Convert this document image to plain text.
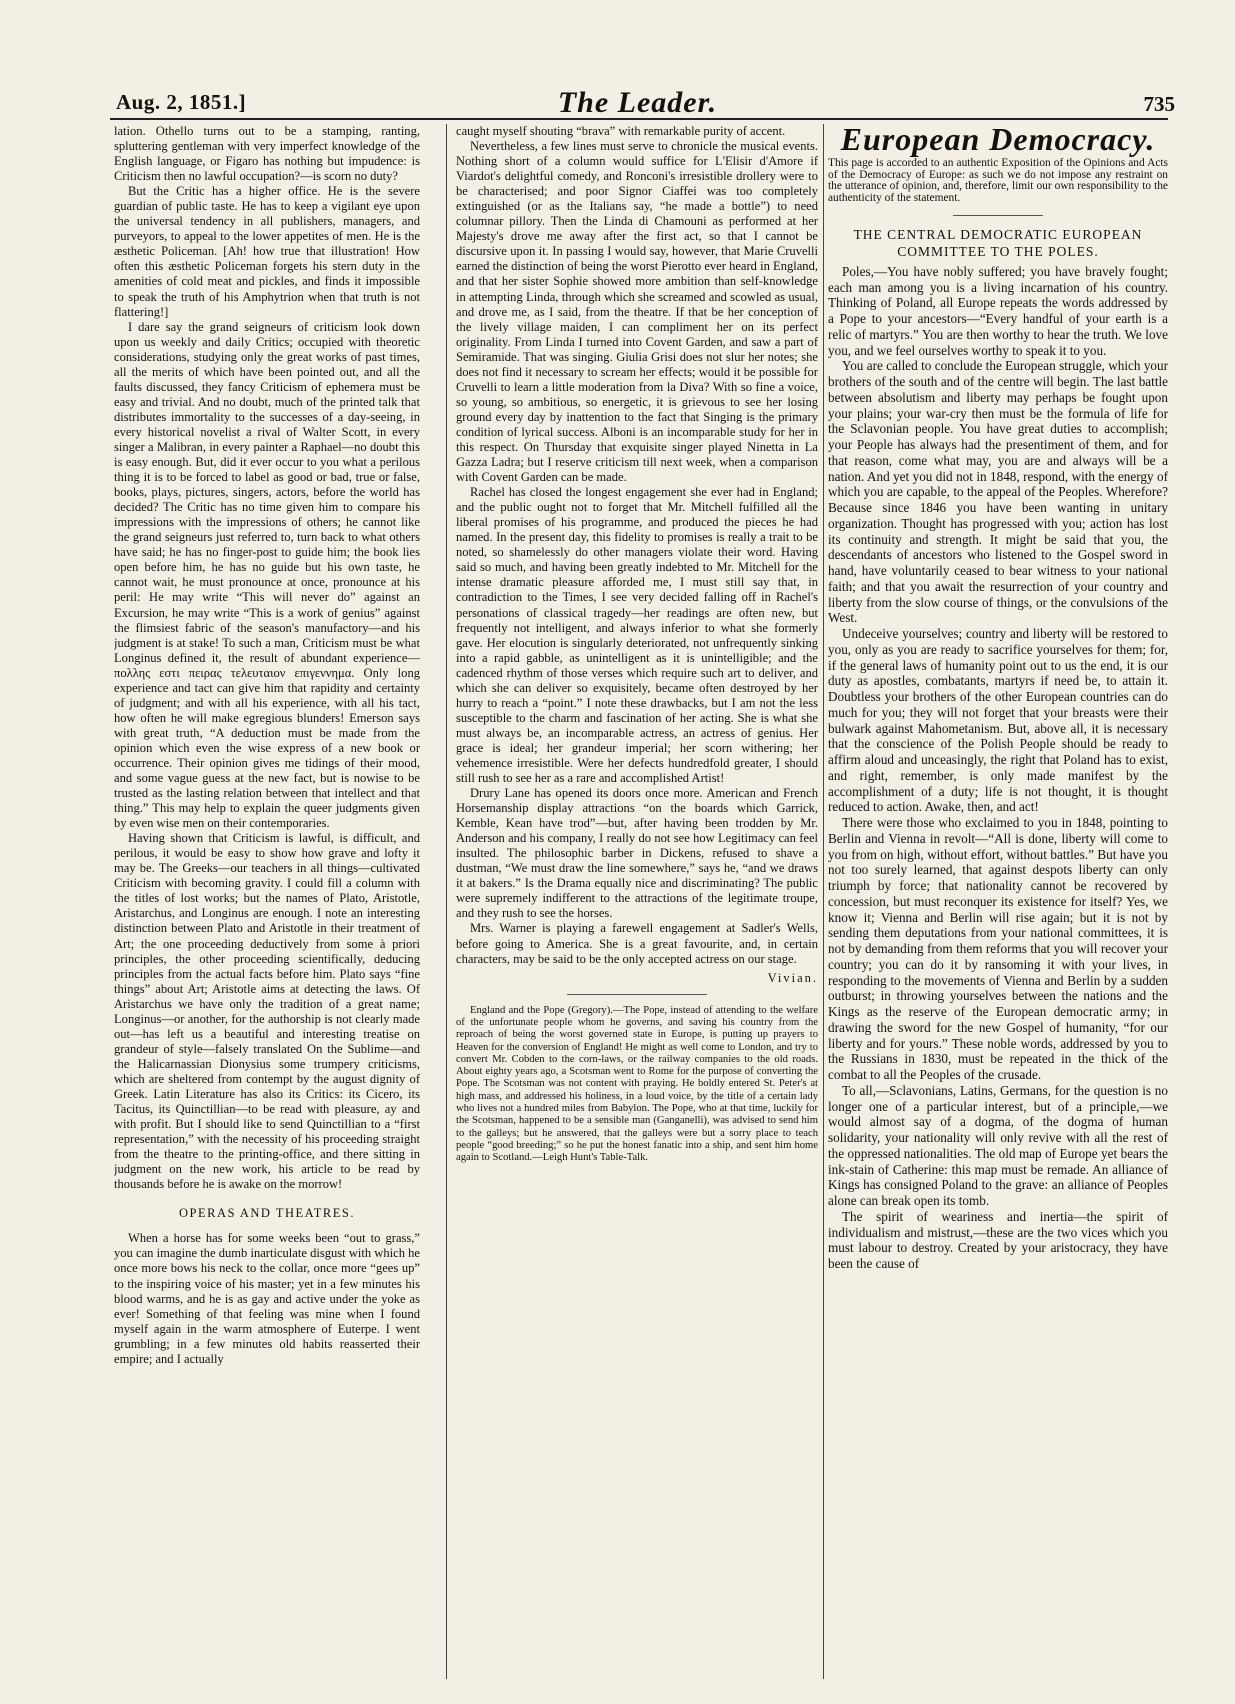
Aug. 2, 1851.]	The Leader.	735

lation. Othello turns out to be a stamping, ranting, spluttering gentleman with very imperfect knowledge of the English language, or Figaro has nothing but impudence: is Criticism then no lawful occupation?—is scorn no duty?

But the Critic has a higher office. He is the severe guardian of public taste. He has to keep a vigilant eye upon the universal tendency in all publishers, managers, and purveyors, to appeal to the lower appetites of men. He is the æsthetic Policeman. [Ah! how true that illustration! How often this æsthetic Policeman forgets his stern duty in the amenities of cold meat and pickles, and finds it impossible to speak the truth of his Amphytrion when that truth is not flattering!]

I dare say the grand seigneurs of criticism look down upon us weekly and daily Critics; occupied with theoretic considerations, studying only the great works of past times, all the merits of which have been pointed out, and all the faults discussed, they fancy Criticism of ephemera must be easy and trivial. And no doubt, much of the printed talk that distributes immortality to the successes of a day-seeing, in every historical novelist a rival of Walter Scott, in every singer a Malibran, in every painter a Raphael—no doubt this is easy enough. But, did it ever occur to you what a perilous thing it is to be forced to label as good or bad, true or false, books, plays, pictures, singers, actors, before the world has decided? The Critic has no time given him to compare his impressions with the impressions of others; he cannot like the grand seigneurs just referred to, turn back to what others have said; he has no finger-post to guide him; the book lies open before him, he has no guide but his own taste, he cannot wait, he must pronounce at once, pronounce at his peril: He may write “This will never do” against an Excursion, he may write “This is a work of genius” against the flimsiest fabric of the season's manufactory—and his judgment is at stake! To such a man, Criticism must be what Longinus defined it, the result of abundant experience—πολλης εστι πειρας τελευταιον επιγεννημα. Only long experience and tact can give him that rapidity and certainty of judgment; and with all his experience, with all his tact, how often he will make egregious blunders! Emerson says with great truth, “A deduction must be made from the opinion which even the wise express of a new book or occurrence. Their opinion gives me tidings of their mood, and some vague guess at the new fact, but is nowise to be trusted as the lasting relation between that intellect and that thing.” This may help to explain the queer judgments given by even wise men on their contemporaries.

Having shown that Criticism is lawful, is difficult, and perilous, it would be easy to show how grave and lofty it may be. The Greeks—our teachers in all things—cultivated Criticism with becoming gravity. I could fill a column with the titles of lost works; but the names of Plato, Aristotle, Aristarchus, and Longinus are enough. I note an interesting distinction between Plato and Aristotle in their treatment of Art; the one proceeding deductively from some à priori principles, the other proceeding scientifically, deducing principles from the actual facts before him. Plato says “fine things” about Art; Aristotle aims at detecting the laws. Of Aristarchus we have only the tradition of a great name; Longinus—or another, for the authorship is not clearly made out—has left us a beautiful and interesting treatise on grandeur of style—falsely translated On the Sublime—and the Halicarnassian Dionysius some trumpery criticisms, which are sheltered from contempt by the august dignity of Greek. Latin Literature has also its Critics: its Cicero, its Tacitus, its Quinctillian—to be read with pleasure, ay and with profit. But I should like to send Quinctillian to a “first representation,” with the necessity of his proceeding straight from the theatre to the printing-office, and there sitting in judgment on the new work, his article to be read by thousands before he is awake on the morrow!

OPERAS AND THEATRES.

When a horse has for some weeks been “out to grass,” you can imagine the dumb inarticulate disgust with which he once more bows his neck to the collar, once more “gees up” to the inspiring voice of his master; yet in a few minutes his blood warms, and he is as gay and active under the yoke as ever! Something of that feeling was mine when I found myself again in the warm atmosphere of Euterpe. I went grumbling; in a few minutes old habits reasserted their empire; and I actually

caught myself shouting “brava” with remarkable purity of accent.

Nevertheless, a few lines must serve to chronicle the musical events. Nothing short of a column would suffice for L'Elisir d'Amore if Viardot's delightful comedy, and Ronconi's irresistible drollery were to be characterised; and poor Signor Ciaffei was too completely extinguished (or as the Italians say, “he made a bottle”) to need columnar pillory. Then the Linda di Chamouni as performed at her Majesty's drove me away after the first act, so that I cannot be discursive upon it. In passing I would say, however, that Marie Cruvelli earned the distinction of being the worst Pierotto ever heard in England, and that her sister Sophie showed more ambition than self-knowledge in attempting Linda, through which she screamed and scowled as usual, and drove me, as I said, from the theatre. If that be her conception of the lively village maiden, I can compliment her on its perfect originality. From Linda I turned into Covent Garden, and saw a part of Semiramide. That was singing. Giulia Grisi does not slur her notes; she does not find it necessary to scream her effects; would it be possible for Cruvelli to learn a little moderation from la Diva? With so fine a voice, so young, so ambitious, so energetic, it is grievous to see her losing ground every day by inattention to the fact that Singing is the primary condition of lyrical success. Alboni is an incomparable study for her in this respect. On Thursday that exquisite singer played Ninetta in La Gazza Ladra; but I reserve criticism till next week, when a comparison with Covent Garden can be made.

Rachel has closed the longest engagement she ever had in England; and the public ought not to forget that Mr. Mitchell fulfilled all the liberal promises of his programme, and produced the pieces he had named. In the present day, this fidelity to promises is really a trait to be noted, so shamelessly do other managers violate their word. Having said so much, and having been greatly indebted to Mr. Mitchell for the intense dramatic pleasure afforded me, I must still say that, in contradiction to the Times, I see very decided falling off in Rachel's personations of classical tragedy—her readings are often new, but frequently not intelligent, and always inferior to what she formerly gave. Her elocution is singularly deteriorated, not unfrequently sinking into a rapid gabble, as unintelligent as it is unintelligible; and the cadenced rhythm of those verses which require such art to deliver, and which she can deliver so exquisitely, became often destroyed by her hurry to reach a “point.” I note these drawbacks, but I am not the less susceptible to the charm and fascination of her acting. She is what she must always be, an incomparable actress, an actress of genius. Her grace is ideal; her grandeur imperial; her scorn withering; her vehemence irresistible. Were her defects hundredfold greater, I should still rush to see her as a rare and accomplished Artist!

Drury Lane has opened its doors once more. American and French Horsemanship display attractions “on the boards which Garrick, Kemble, Kean have trod”—but, after having been trodden by Mr. Anderson and his company, I really do not see how Legitimacy can feel insulted. The philosophic barber in Dickens, refused to shave a dustman, “We must draw the line somewhere,” says he, “and we draws it at bakers.” Is the Drama equally nice and discriminating? The public were supremely indifferent to the attractions of the legitimate troupe, and they rush to see the horses.

Mrs. Warner is playing a farewell engagement at Sadler's Wells, before going to America. She is a great favourite, and, in certain characters, may be said to be the only accepted actress on our stage.

Vivian.

England and the Pope (Gregory).—The Pope, instead of attending to the welfare of the unfortunate people whom he governs, and saving his country from the reproach of being the worst governed state in Europe, is putting up prayers to Heaven for the conversion of England! He might as well come to London, and try to convert Mr. Cobden to the corn-laws, or the railway companies to the old roads. About eighty years ago, a Scotsman went to Rome for the purpose of converting the Pope. The Scotsman was not content with praying. He boldly entered St. Peter's at high mass, and addressed his holiness, in a loud voice, by the title of a certain lady who lives not a hundred miles from Babylon. The Pope, who at that time, luckily for the Scotsman, happened to be a sensible man (Ganganelli), was advised to send him to the galleys; but he answered, that the galleys were but a sorry place to teach people “good breeding;” so he put the honest fanatic into a ship, and sent him home again to Scotland.—Leigh Hunt's Table-Talk.

European Democracy.
This page is accorded to an authentic Exposition of the Opinions and Acts of the Democracy of Europe: as such we do not impose any restraint on the utterance of opinion, and, therefore, limit our own responsibility to the authenticity of the statement.
THE CENTRAL DEMOCRATIC EUROPEAN COMMITTEE TO THE POLES.

Poles,—You have nobly suffered; you have bravely fought; each man among you is a living incarnation of his country. Thinking of Poland, all Europe repeats the words addressed by a Pope to your ancestors—“Every handful of your earth is a relic of martyrs.” You are then worthy to hear the truth. We love you, and we feel ourselves worthy to speak it to you.

You are called to conclude the European struggle, which your brothers of the south and of the centre will begin. The last battle between absolutism and liberty may perhaps be fought upon your plains; your war-cry then must be the formula of life for the Sclavonian people. You have great duties to accomplish; your People has always had the presentiment of them, and for that reason, come what may, you are and always will be a nation. And yet you did not in 1848, respond, with the energy of which you are capable, to the appeal of the Peoples. Wherefore? Because since 1846 you have been wanting in unitary organization. Thought has progressed with you; action has lost its continuity and strength. It might be said that you, the descendants of ancestors who listened to the Gospel sword in hand, have voluntarily ceased to bear witness to your national faith; and that you await the resurrection of your country and liberty from the slow course of things, or the convulsions of the West.

Undeceive yourselves; country and liberty will be restored to you, only as you are ready to sacrifice yourselves for them; for, if the general laws of humanity point out to us the end, it is our duty as apostles, combatants, martyrs if need be, to attain it. Doubtless your brothers of the other European countries can do much for you; they will not forget that your breasts were their bulwark against Mahometanism. But, above all, it is necessary that the conscience of the Polish People should be ready to affirm aloud and unceasingly, the right that Poland has to exist, and right, remember, is only made manifest by the accomplishment of a duty; life is not thought, it is thought reduced to action. Awake, then, and act!

There were those who exclaimed to you in 1848, pointing to Berlin and Vienna in revolt—“All is done, liberty will come to you from on high, without effort, without battles.” But have you not too surely learned, that against despots liberty can only triumph by force; that nationality cannot be recovered by concession, but must reconquer its existence for itself? Yes, we know it; Vienna and Berlin will rise again; but it is not by sending them deputations from your national committees, it is not by demanding from them reforms that you will recover your country; you can do it by ransoming it with your lives, in responding to the movements of Vienna and Berlin by a sudden outburst; in throwing yourselves between the nations and the Kings as the reserve of the European democratic army; in drawing the sword for the new Gospel of humanity, “for our liberty and for yours.” These noble words, addressed by you to the Russians in 1830, must be repeated in the thick of the combat to all the Peoples of the crusade.

To all,—Sclavonians, Latins, Germans, for the question is no longer one of a particular interest, but of a principle,—we would almost say of a dogma, of the dogma of human solidarity, your nationality will only revive with all the rest of the oppressed nationalities. The old map of Europe yet bears the ink-stain of Catherine: this map must be remade. An alliance of Kings has consigned Poland to the grave: an alliance of Peoples alone can break open its tomb.

The spirit of weariness and inertia—the spirit of individualism and mistrust,—these are the two vices which you must labour to destroy. Created by your aristocracy, they have been the cause of
